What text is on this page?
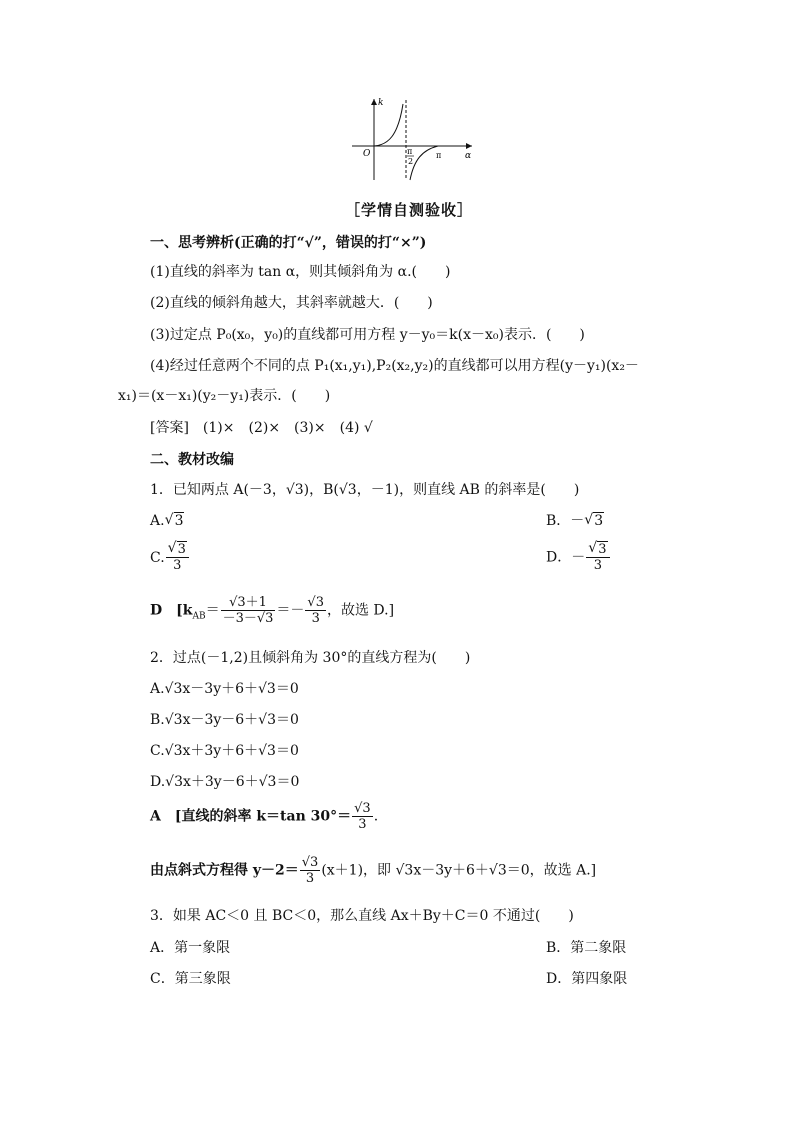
k
α
O	π
2
π
［学情自测验收］
一、思考辨析(正确的打“√”，错误的打“×”)
(1)直线的斜率为 tan α，则其倾斜角为 α.(　　)
(2)直线的倾斜角越大，其斜率就越大．(　　)
(3)过定点 P₀(x₀，y₀)的直线都可用方程 y－y₀＝k(x－x₀)表示．(　　)
(4)经过任意两个不同的点 P₁(x₁,y₁),P₂(x₂,y₂)的直线都可以用方程(y－y₁)(x₂－
x₁)＝(x－x₁)(y₂－y₁)表示．(　　)
[答案]　(1)×　(2)×　(3)×　(4) √
二、教材改编
1．已知两点 A(－3，√3)，B(√3，－1)，则直线 AB 的斜率是(　　)
A. √ 3	B．－ √ 3
C. √ $\frac{3}{3}$	D．－ √ $\frac{3}{3}$
D　[$k_{AB}= \frac{√3+1}{-3-√3} =- \frac{√3}{3}$ ，故选 D.]
2．过点(－1,2)且倾斜角为 30°的直线方程为(　　)
A.√3x－3y＋6＋√3＝0
B.√3x－3y－6＋√3＝0
C.√3x＋3y＋6＋√3＝0
D.√3x＋3y－6＋√3＝0
A　[直线的斜率 k＝tan $30^\circ= \frac{√3}{3}$ .
由点斜式方程得 $y-2= \frac{√3}{3} (x+1)$，即 √3x－3y＋6＋√3＝0，故选 A.]
3．如果 AC＜0 且 BC＜0，那么直线 Ax＋By＋C＝0 不通过(　　)
A．第一象限	B．第二象限
C．第三象限	D．第四象限
